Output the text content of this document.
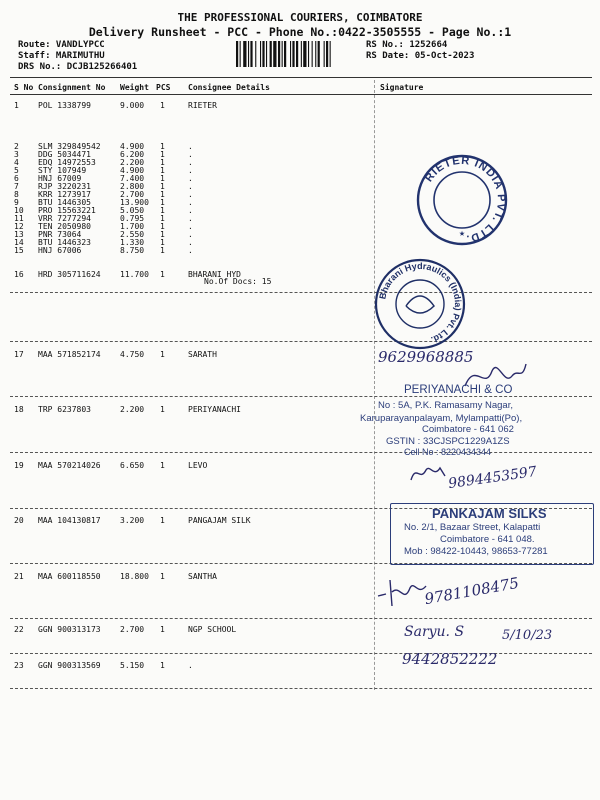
THE PROFESSIONAL COURIERS, COIMBATORE
Delivery Runsheet - PCC - Phone No.:0422-3505555 - Page No.:1
Route: VANDLYPCC
Staff: MARIMUTHU
DRS No.: DCJB125266401
RS No.: 1252664
RS Date: 05-Oct-2023
S No Consignment No Weight PCS Consignee Details	Signature
1 POL 1338799	9.000 1	RIETER
2 SLM 329849542 4.900 1	.
3 DDG 5034471	6.200 1	.
4 EDQ 14972553	2.200 1	.
5 STY 107949	4.900 1	.
6 HNJ 67009	7.400 1	.
7 RJP 3220231	2.800 1	.
8 KRR 1273917	2.700 1	.
9 BTU 1446305	13.900 1	.
10 PRO 15563221	5.050 1	.
11 VRR 7277294	0.795 1	.
12 TEN 2050980	1.700 1	.
13 PNR 73064	2.550 1	.
14 BTU 1446323	1.330 1	.
15 HNJ 67006	8.750 1	.
16 HRD 305711624 11.700 1	BHARANI HYD
17 MAA 571852174 4.750 1	SARATH
18 TRP 6237803	2.200 1	PERIYANACHI
19 MAA 570214026 6.650 1	LEVO
20 MAA 104130817 3.200 1	PANGAJAM SILK
21 MAA 600118550 18.800 1	SANTHA
22 GGN 900313173 2.700 1	NGP SCHOOL
23 GGN 900313569 5.150 1	.
No.Of Docs: 15
RIETER INDIA PVT. LTD.
★
Bharani Hydraulics (India) Pvt. Ltd.
9629968885
PERIYANACHI & CO
No : 5A, P.K. Ramasamy Nagar,
Karuparayanpalayam, Mylampatti(Po),
Coimbatore - 641 062
GSTIN : 33CJSPC1229A1ZS
Cell No : 8220434344
9894453597
PANKAJAM SILKS
No. 2/1, Bazaar Street, Kalapatti
Coimbatore - 641 048.
Mob : 98422-10443, 98653-77281
9781108475
Saryu. S	5/10/23
9442852222
